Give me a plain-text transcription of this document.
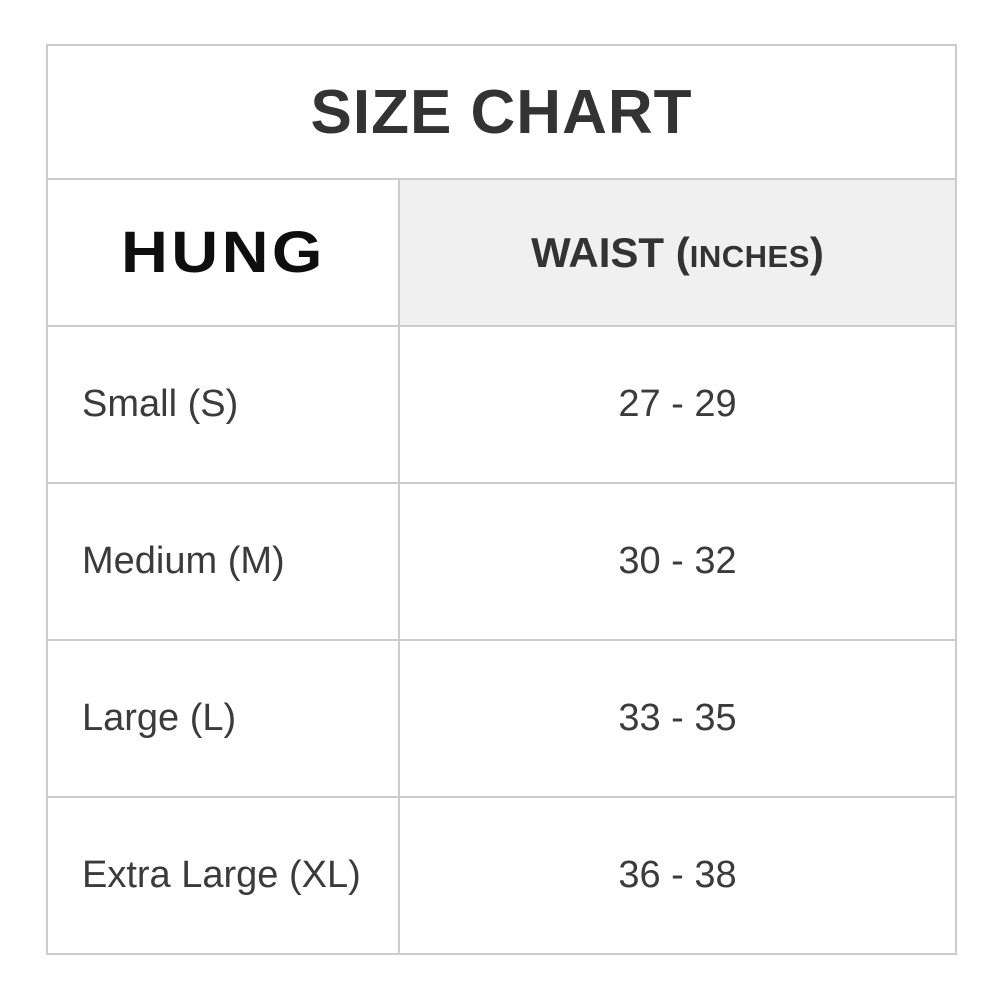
SIZE CHART	
HUNG	WAIST (INCHES)
Small (S)	27 - 29
Medium (M)	30 - 32
Large (L)	33 - 35
Extra Large (XL)	36 - 38
